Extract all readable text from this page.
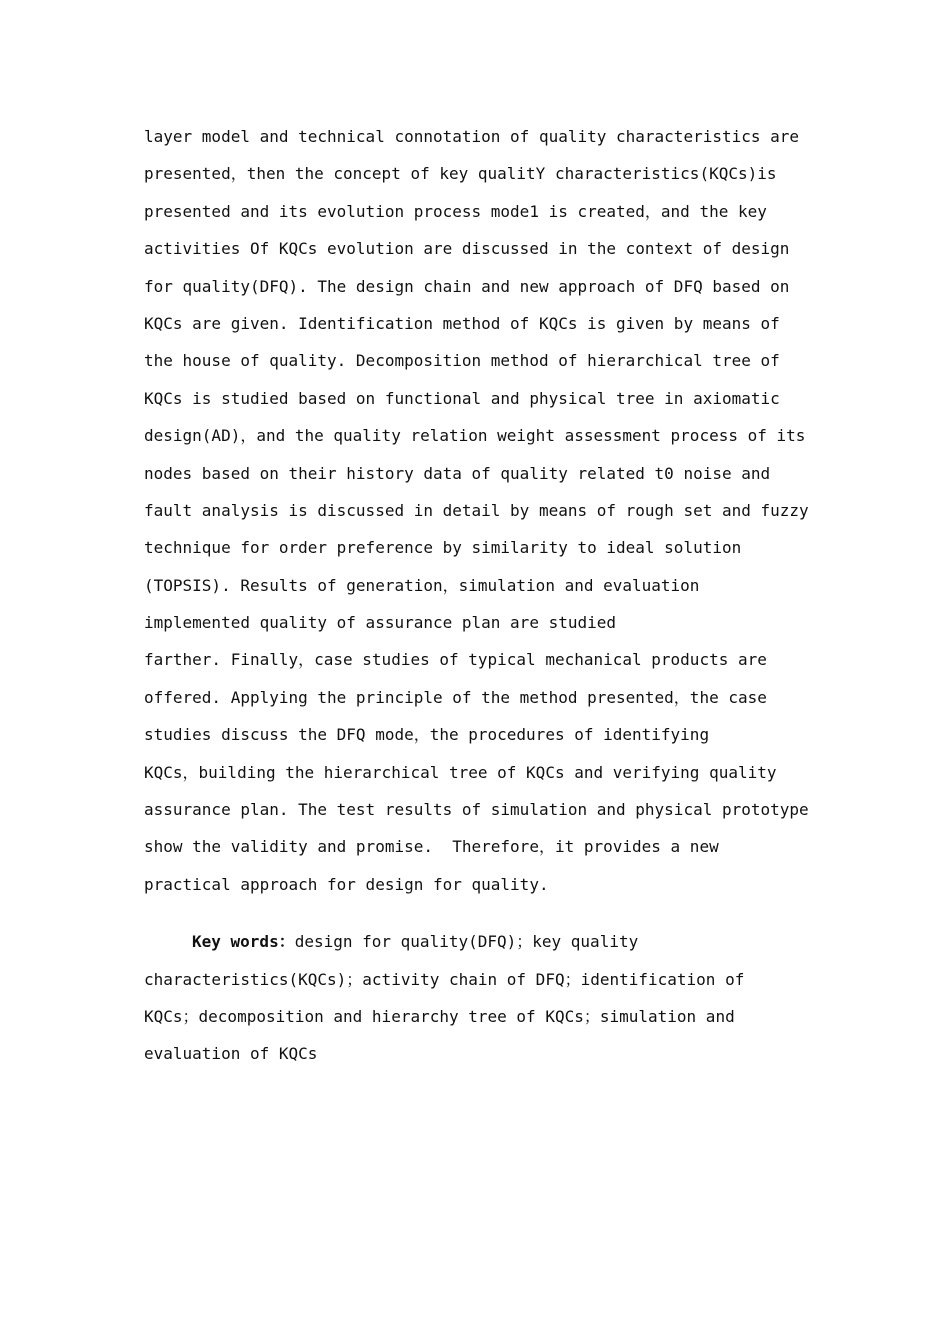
layer model and technical connotation of quality characteristics are
presented，then the concept of key qualitY characteristics(KQCs)is
presented and its evolution process mode1 is created，and the key
activities Of KQCs evolution are discussed in the context of design
for quality(DFQ). The design chain and new approach of DFQ based on
KQCs are given. Identification method of KQCs is given by means of
the house of quality. Decomposition method of hierarchical tree of
KQCs is studied based on functional and physical tree in axiomatic
design(AD)，and the quality relation weight assessment process of its
nodes based on their history data of quality related t0 noise and
fault analysis is discussed in detail by means of rough set and fuzzy
technique for order preference by similarity to ideal solution
(TOPSIS). Results of generation，simulation and evaluation
implemented quality of assurance plan are studied
farther. Finally，case studies of typical mechanical products are
offered. Applying the principle of the method presented，the case
studies discuss the DFQ mode，the procedures of identifying
KQCs，building the hierarchical tree of KQCs and verifying quality
assurance plan. The test results of simulation and physical prototype
show the validity and promise.  Therefore，it provides a new
practical approach for design for quality.
Key words：design for quality(DFQ)；key quality
characteristics(KQCs)；activity chain of DFQ；identification of
KQCs；decomposition and hierarchy tree of KQCs；simulation and
evaluation of KQCs
